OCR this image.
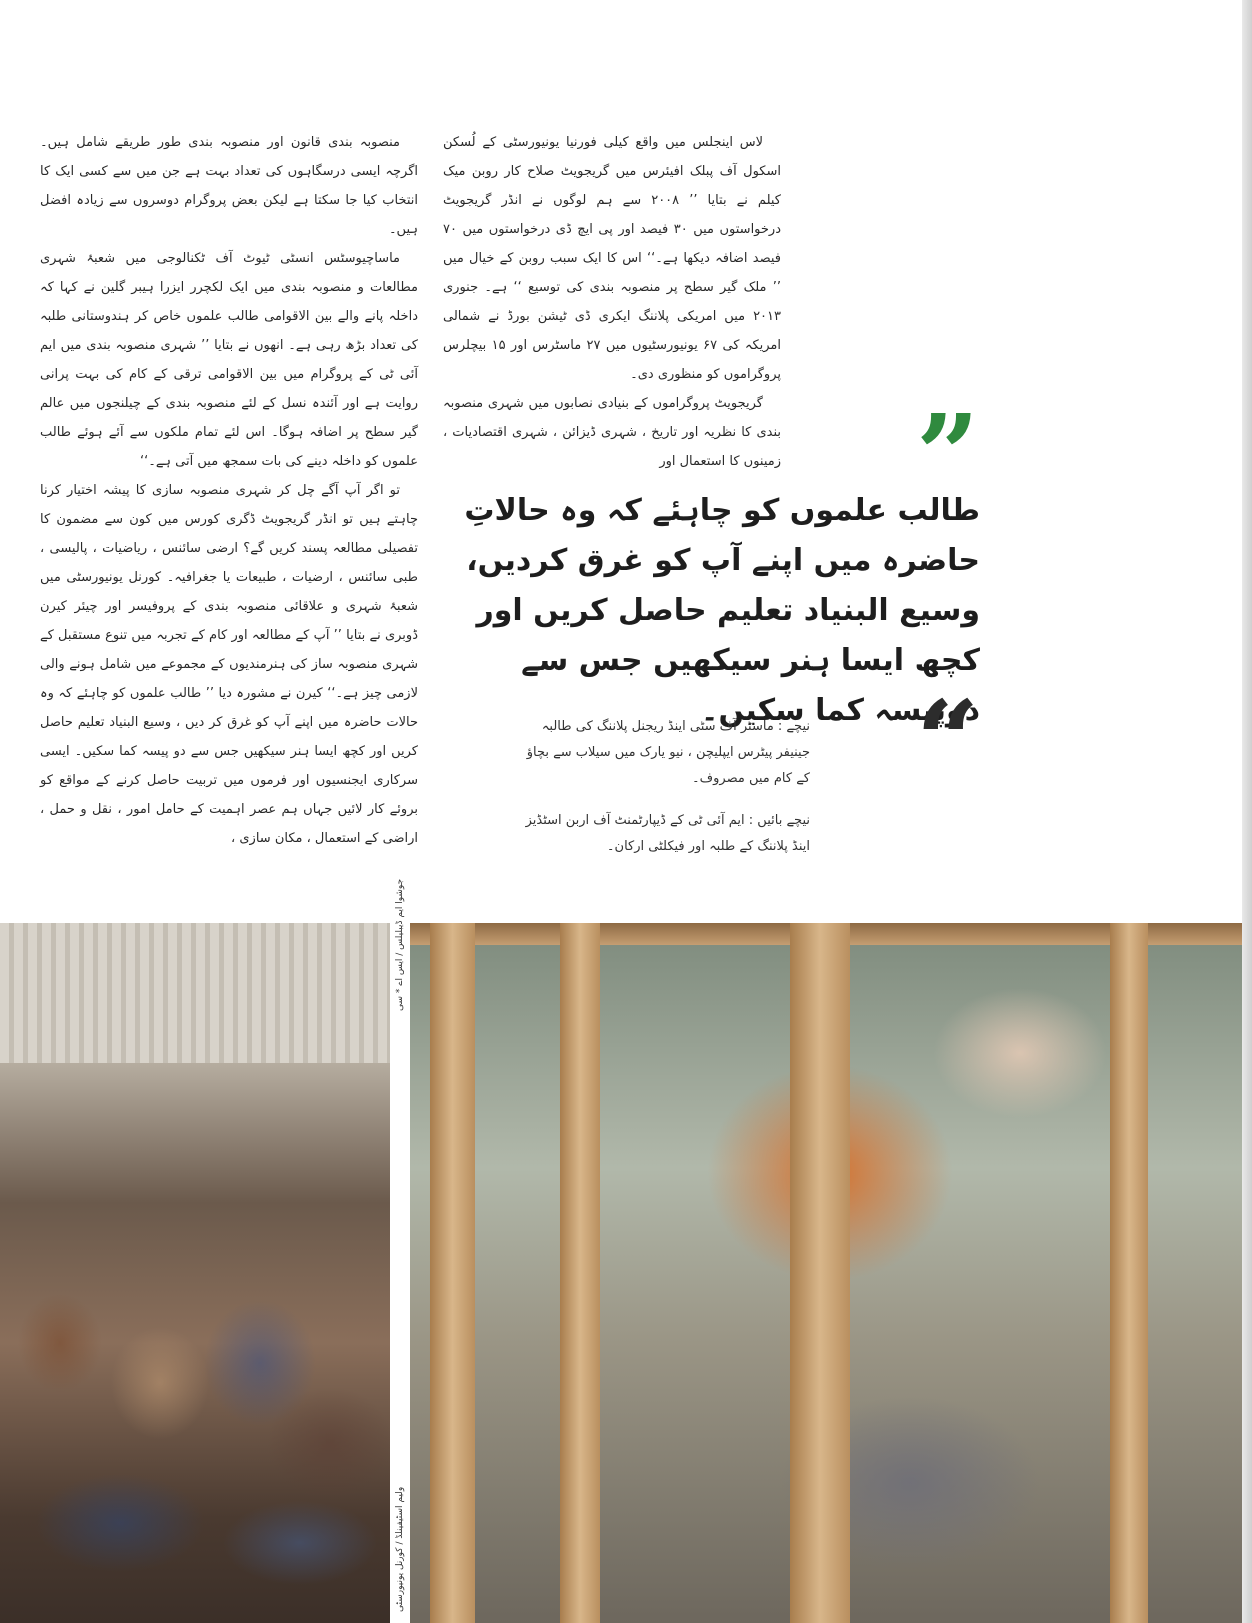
لاس اینجلس میں واقع کیلی فورنیا یونیورسٹی کے لُسکن اسکول آف پبلک افیئرس میں گریجویٹ صلاح کار روبن میک کیلم نے بتایا ’’ ۲۰۰۸ سے ہم لوگوں نے انڈر گریجویٹ درخواستوں میں ۳۰ فیصد اور پی ایچ ڈی درخواستوں میں ۷۰ فیصد اضافہ دیکھا ہے۔‘‘ اس کا ایک سبب روبن کے خیال میں ’’ ملک گیر سطح پر منصوبہ بندی کی توسیع ‘‘ ہے۔ جنوری ۲۰۱۳ میں امریکی پلاننگ ایکری ڈی ٹیشن بورڈ نے شمالی امریکہ کی ۶۷ یونیورسٹیوں میں ۲۷ ماسٹرس اور ۱۵ بیچلرس پروگراموں کو منظوری دی۔

گریجویٹ پروگراموں کے بنیادی نصابوں میں شہری منصوبہ بندی کا نظریہ اور تاریخ ، شہری ڈیزائن ، شہری اقتصادیات ، زمینوں کا استعمال اور

منصوبہ بندی قانون اور منصوبہ بندی طور طریقے شامل ہیں۔ اگرچہ ایسی درسگاہوں کی تعداد بہت ہے جن میں سے کسی ایک کا انتخاب کیا جا سکتا ہے لیکن بعض پروگرام دوسروں سے زیادہ افضل ہیں۔

ماساچیوسٹس انسٹی ٹیوٹ آف ٹکنالوجی میں شعبۂ شہری مطالعات و منصوبہ بندی میں ایک لکچرر ایزرا ہیبر گلین نے کہا کہ داخلہ پانے والے بین الاقوامی طالب علموں خاص کر ہندوستانی طلبہ کی تعداد بڑھ رہی ہے۔ انھوں نے بتایا ’’ شہری منصوبہ بندی میں ایم آئی ٹی کے پروگرام میں بین الاقوامی ترقی کے کام کی بہت پرانی روایت ہے اور آئندہ نسل کے لئے منصوبہ بندی کے چیلنجوں میں عالم گیر سطح پر اضافہ ہوگا۔ اس لئے تمام ملکوں سے آئے ہوئے طالب علموں کو داخلہ دینے کی بات سمجھ میں آتی ہے۔‘‘

تو اگر آپ آگے چل کر شہری منصوبہ سازی کا پیشہ اختیار کرنا چاہتے ہیں تو انڈر گریجویٹ ڈگری کورس میں کون سے مضمون کا تفصیلی مطالعہ پسند کریں گے؟ ارضی سائنس ، ریاضیات ، پالیسی ، طبی سائنس ، ارضیات ، طبیعات یا جغرافیہ۔ کورنل یونیورسٹی میں شعبۂ شہری و علاقائی منصوبہ بندی کے پروفیسر اور چیئر کیرن ڈوبری نے بتایا ’’ آپ کے مطالعہ اور کام کے تجربہ میں تنوع مستقبل کے شہری منصوبہ ساز کی ہنرمندیوں کے مجموعے میں شامل ہونے والی لازمی چیز ہے۔‘‘ کیرن نے مشورہ دیا ’’ طالب علموں کو چاہئے کہ وہ حالات حاضرہ میں اپنے آپ کو غرق کر دیں ، وسیع البنیاد تعلیم حاصل کریں اور کچھ ایسا ہنر سیکھیں جس سے دو پیسہ کما سکیں۔ ایسی سرکاری ایجنسیوں اور فرموں میں تربیت حاصل کرنے کے مواقع کو بروئے کار لائیں جہاں ہم عصر اہمیت کے حامل امور ، نقل و حمل ، اراضی کے استعمال ، مکان سازی ،

”
طالب علموں کو چاہئے کہ وہ حالاتِ حاضرہ میں اپنے آپ کو غرق کردیں، وسیع البنیاد تعلیم حاصل کریں اور کچھ ایسا ہنر سیکھیں جس سے دوپیسہ کما سکیں۔
“

نیچے : ماسٹر آف سٹی اینڈ ریجنل پلاننگ کی طالبہ جینیفر پیٹرس ایپلیچن ، نیو یارک میں سیلاب سے بچاؤ کے کام میں مصروف۔

نیچے بائیں : ایم آئی ٹی کے ڈیپارٹمنٹ آف اربن اسٹڈیز اینڈ پلاننگ کے طلبہ اور فیکلٹی ارکان۔

جوشوا ایم ڈیبلیلس / ایس اے * سی
ولیم اسٹیفینلڈ / کورنل یونیورسٹی
